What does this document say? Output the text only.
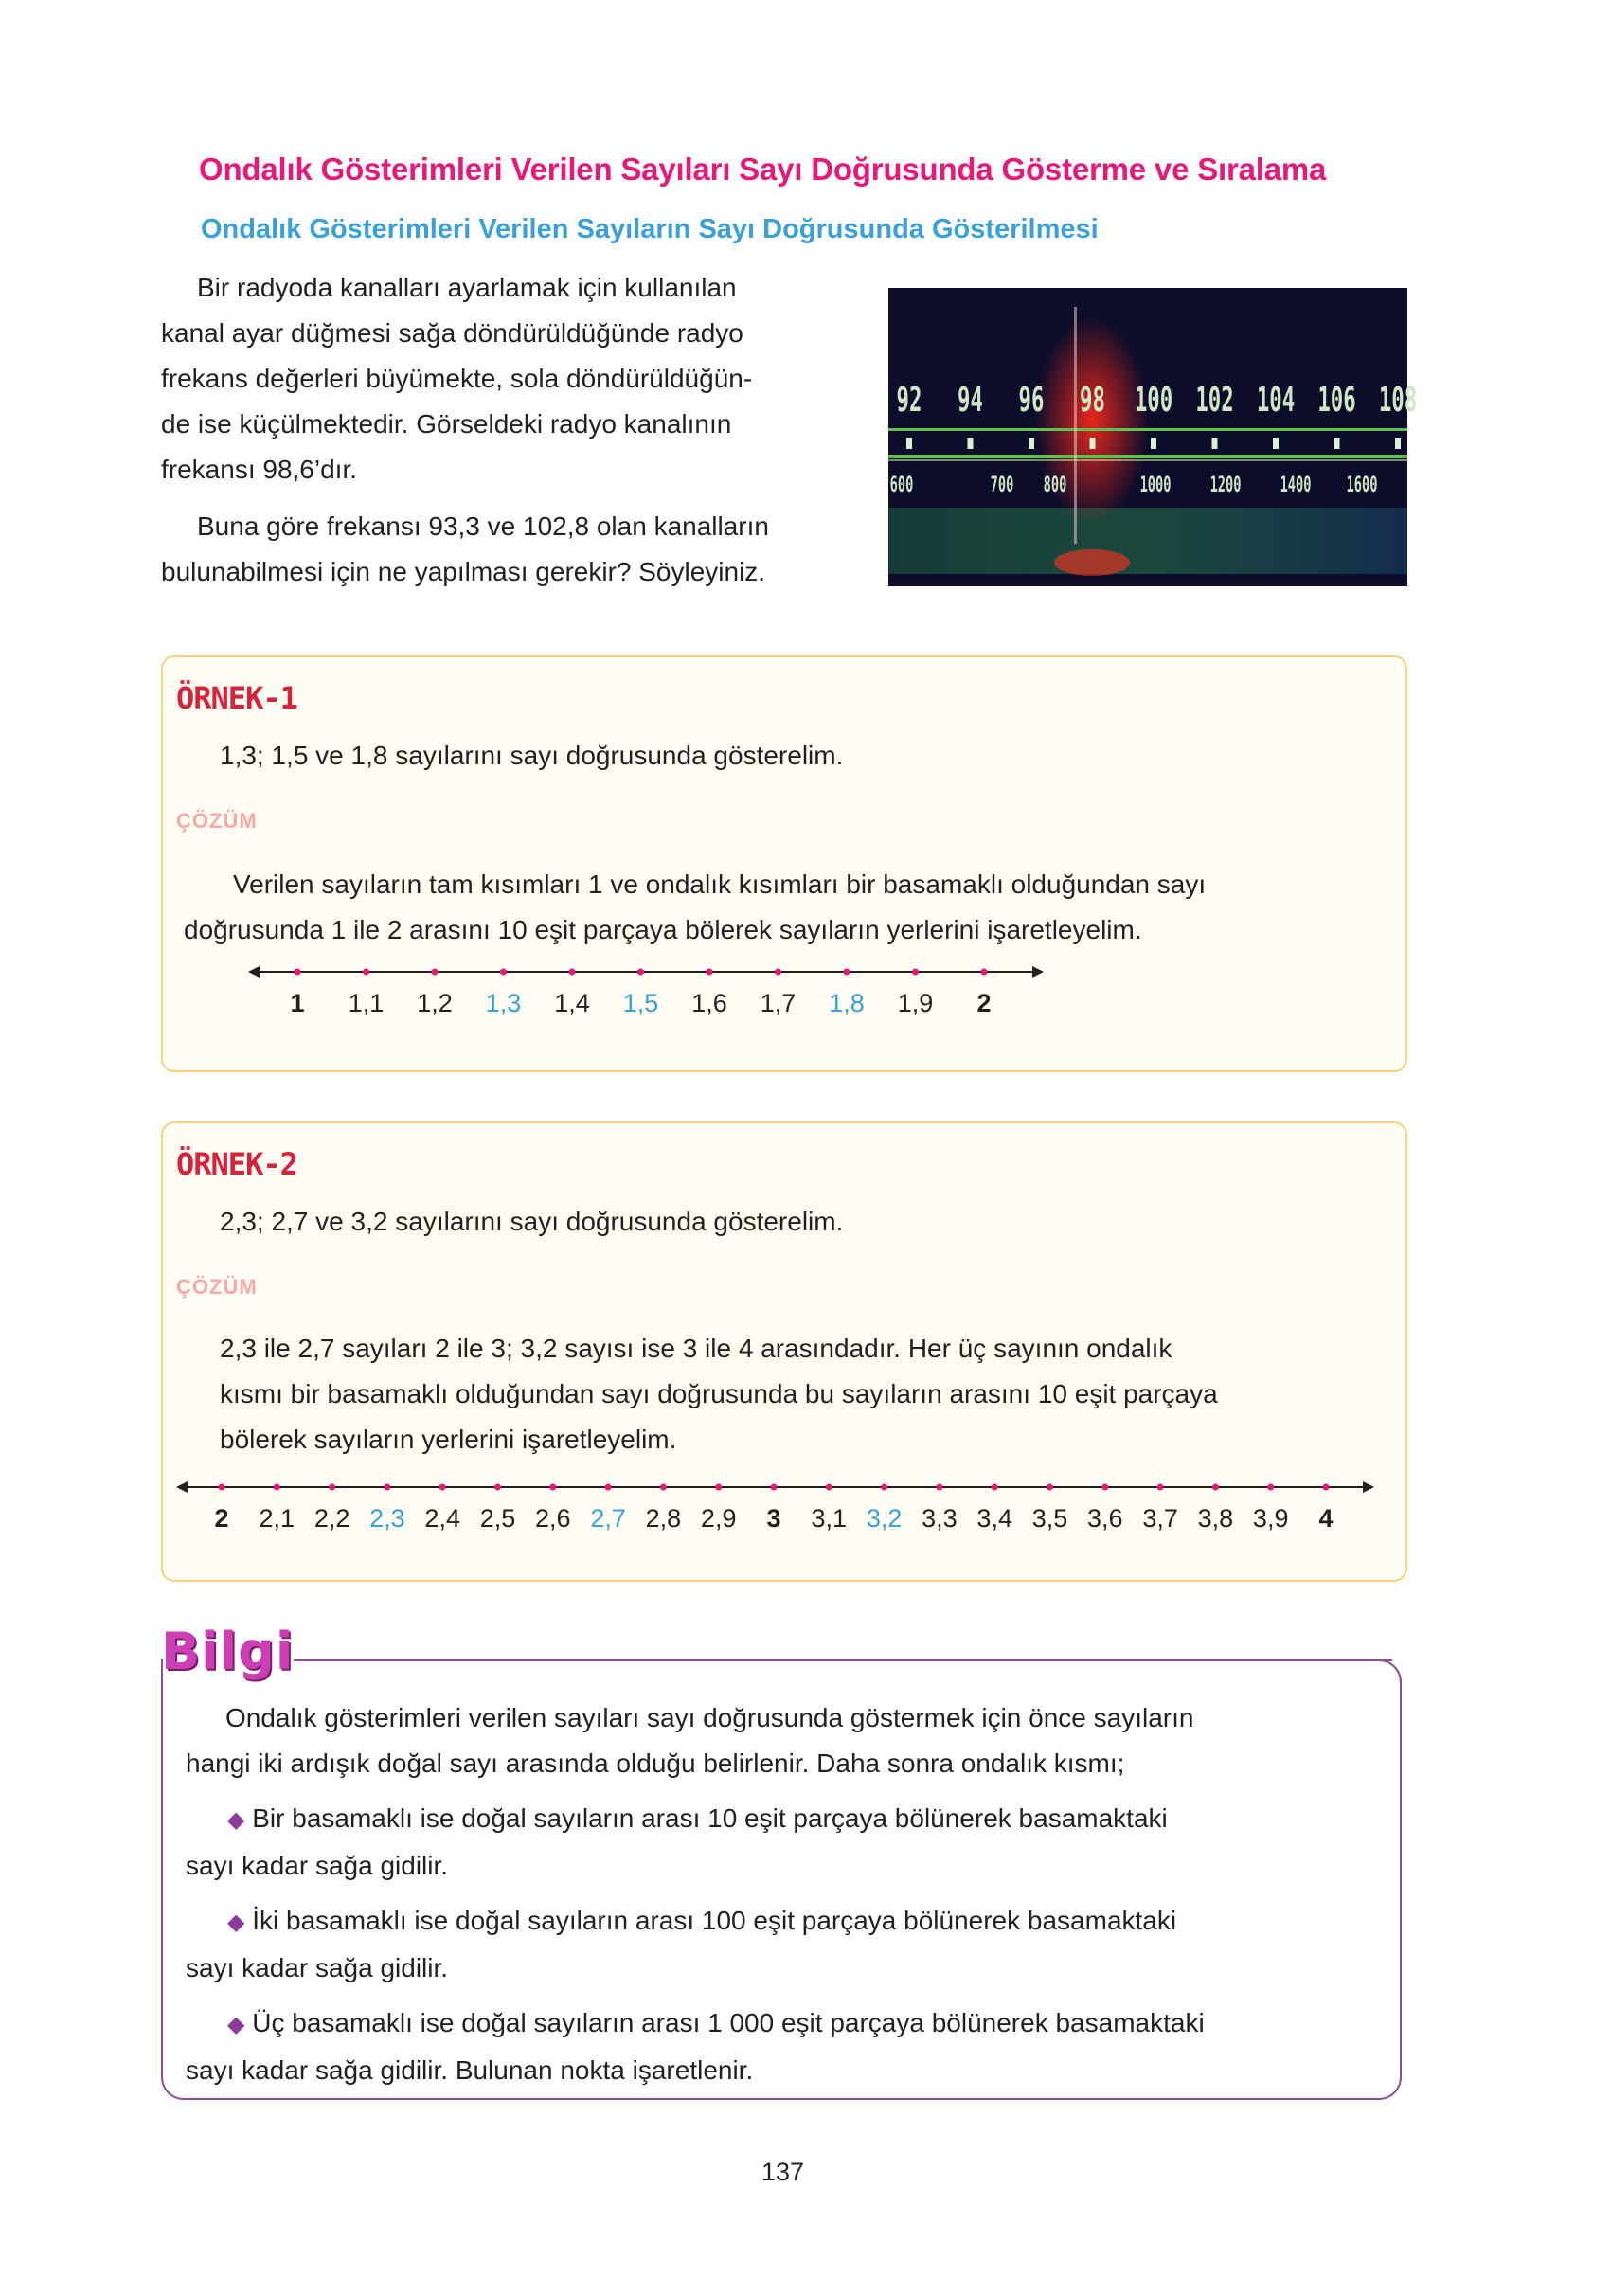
Ondalık Gösterimleri Verilen Sayıları Sayı Doğrusunda Gösterme ve Sıralama
Ondalık Gösterimleri Verilen Sayıların Sayı Doğrusunda Gösterilmesi

Bir radyoda kanalları ayarlamak için kullanılan

kanal ayar düğmesi sağa döndürüldüğünde radyo

frekans değerleri büyümekte, sola döndürüldüğün-

de ise küçülmektedir. Görseldeki radyo kanalının

frekansı 98,6’dır.

Buna göre frekansı 93,3 ve 102,8 olan kanalların

bulunabilmesi için ne yapılması gerekir? Söyleyiniz.

92 94 96 98 100 102 104 106 108
600	700 800	1000 1200 1400 1600
ÖRNEK-1
1,3; 1,5 ve 1,8 sayılarını sayı doğrusunda gösterelim.
ÇÖZÜM
Verilen sayıların tam kısımları 1 ve ondalık kısımları bir basamaklı olduğundan sayı
doğrusunda 1 ile 2 arasını 10 eşit parçaya bölerek sayıların yerlerini işaretleyelim.
1 1,1 1,2 1,3 1,4 1,5 1,6 1,7 1,8 1,9 2
ÖRNEK-2
2,3; 2,7 ve 3,2 sayılarını sayı doğrusunda gösterelim.
ÇÖZÜM
2,3 ile 2,7 sayıları 2 ile 3; 3,2 sayısı ise 3 ile 4 arasındadır. Her üç sayının ondalık
kısmı bir basamaklı olduğundan sayı doğrusunda bu sayıların arasını 10 eşit parçaya
bölerek sayıların yerlerini işaretleyelim.
2 2,1 2,2 2,3 2,4 2,5 2,6 2,7 2,8 2,9 3 3,1 3,2 3,3 3,4 3,5 3,6 3,7 3,8 3,9 4
Bilgi
Ondalık gösterimleri verilen sayıları sayı doğrusunda göstermek için önce sayıların
hangi iki ardışık doğal sayı arasında olduğu belirlenir. Daha sonra ondalık kısmı;
◆ Bir basamaklı ise doğal sayıların arası 10 eşit parçaya bölünerek basamaktaki
sayı kadar sağa gidilir.
◆ İki basamaklı ise doğal sayıların arası 100 eşit parçaya bölünerek basamaktaki
sayı kadar sağa gidilir.
◆ Üç basamaklı ise doğal sayıların arası 1 000 eşit parçaya bölünerek basamaktaki
sayı kadar sağa gidilir. Bulunan nokta işaretlenir.
137
